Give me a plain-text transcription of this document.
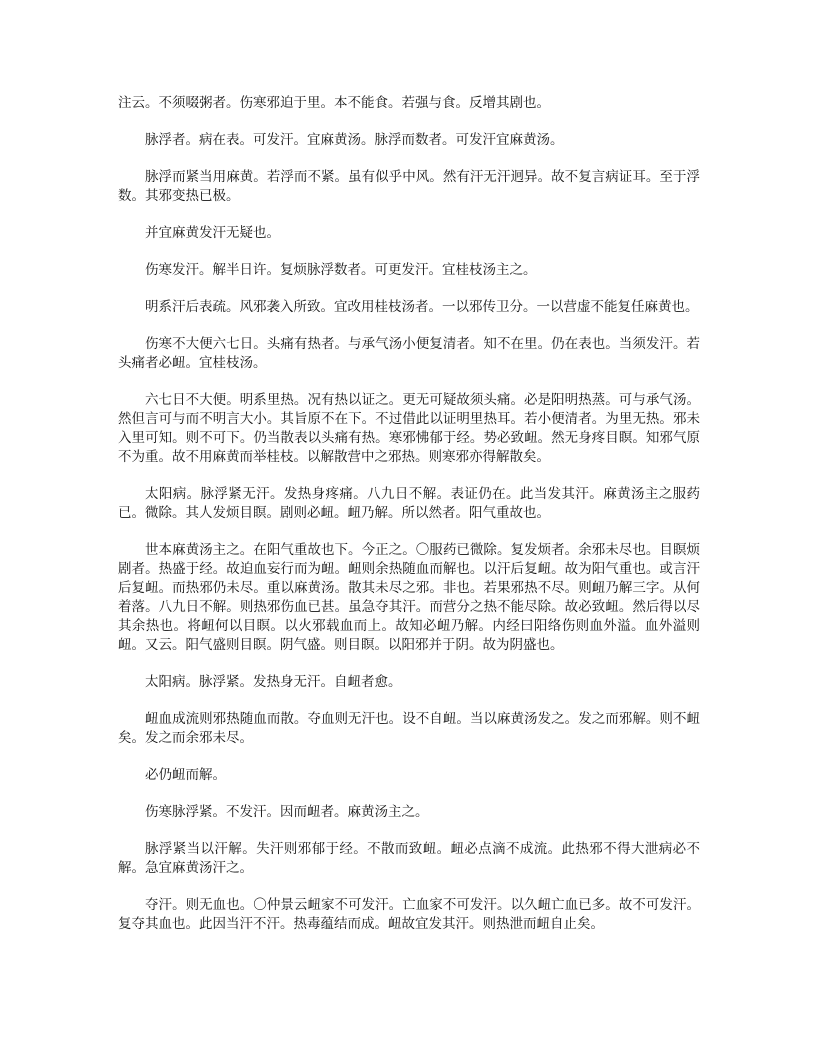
注云。不须啜粥者。伤寒邪迫于里。本不能食。若强与食。反增其剧也。

脉浮者。病在表。可发汗。宜麻黄汤。脉浮而数者。可发汗宜麻黄汤。

脉浮而紧当用麻黄。若浮而不紧。虽有似乎中风。然有汗无汗迥异。故不复言病证耳。至于浮数。其邪变热已极。

并宜麻黄发汗无疑也。

伤寒发汗。解半日许。复烦脉浮数者。可更发汗。宜桂枝汤主之。

明系汗后表疏。风邪袭入所致。宜改用桂枝汤者。一以邪传卫分。一以营虚不能复任麻黄也。

伤寒不大便六七日。头痛有热者。与承气汤小便复清者。知不在里。仍在表也。当须发汗。若头痛者必衄。宜桂枝汤。

六七日不大便。明系里热。况有热以证之。更无可疑故须头痛。必是阳明热蒸。可与承气汤。然但言可与而不明言大小。其旨原不在下。不过借此以证明里热耳。若小便清者。为里无热。邪未入里可知。则不可下。仍当散表以头痛有热。寒邪怫郁于经。势必致衄。然无身疼目瞑。知邪气原不为重。故不用麻黄而举桂枝。以解散营中之邪热。则寒邪亦得解散矣。

太阳病。脉浮紧无汗。发热身疼痛。八九日不解。表证仍在。此当发其汗。麻黄汤主之服药已。微除。其人发烦目瞑。剧则必衄。衄乃解。所以然者。阳气重故也。

世本麻黄汤主之。在阳气重故也下。今正之。〇服药已微除。复发烦者。余邪未尽也。目瞑烦剧者。热盛于经。故迫血妄行而为衄。衄则余热随血而解也。以汗后复衄。故为阳气重也。或言汗后复衄。而热邪仍未尽。重以麻黄汤。散其未尽之邪。非也。若果邪热不尽。则衄乃解三字。从何着落。八九日不解。则热邪伤血已甚。虽急夺其汗。而营分之热不能尽除。故必致衄。然后得以尽其余热也。将衄何以目瞑。以火邪载血而上。故知必衄乃解。内经曰阳络伤则血外溢。血外溢则衄。又云。阳气盛则目瞑。阴气盛。则目瞑。以阳邪并于阴。故为阴盛也。

太阳病。脉浮紧。发热身无汗。自衄者愈。

衄血成流则邪热随血而散。夺血则无汗也。设不自衄。当以麻黄汤发之。发之而邪解。则不衄矣。发之而余邪未尽。

必仍衄而解。

伤寒脉浮紧。不发汗。因而衄者。麻黄汤主之。

脉浮紧当以汗解。失汗则邪郁于经。不散而致衄。衄必点滴不成流。此热邪不得大泄病必不解。急宜麻黄汤汗之。

夺汗。则无血也。〇仲景云衄家不可发汗。亡血家不可发汗。以久衄亡血已多。故不可发汗。复夺其血也。此因当汗不汗。热毒蕴结而成。衄故宜发其汗。则热泄而衄自止矣。
